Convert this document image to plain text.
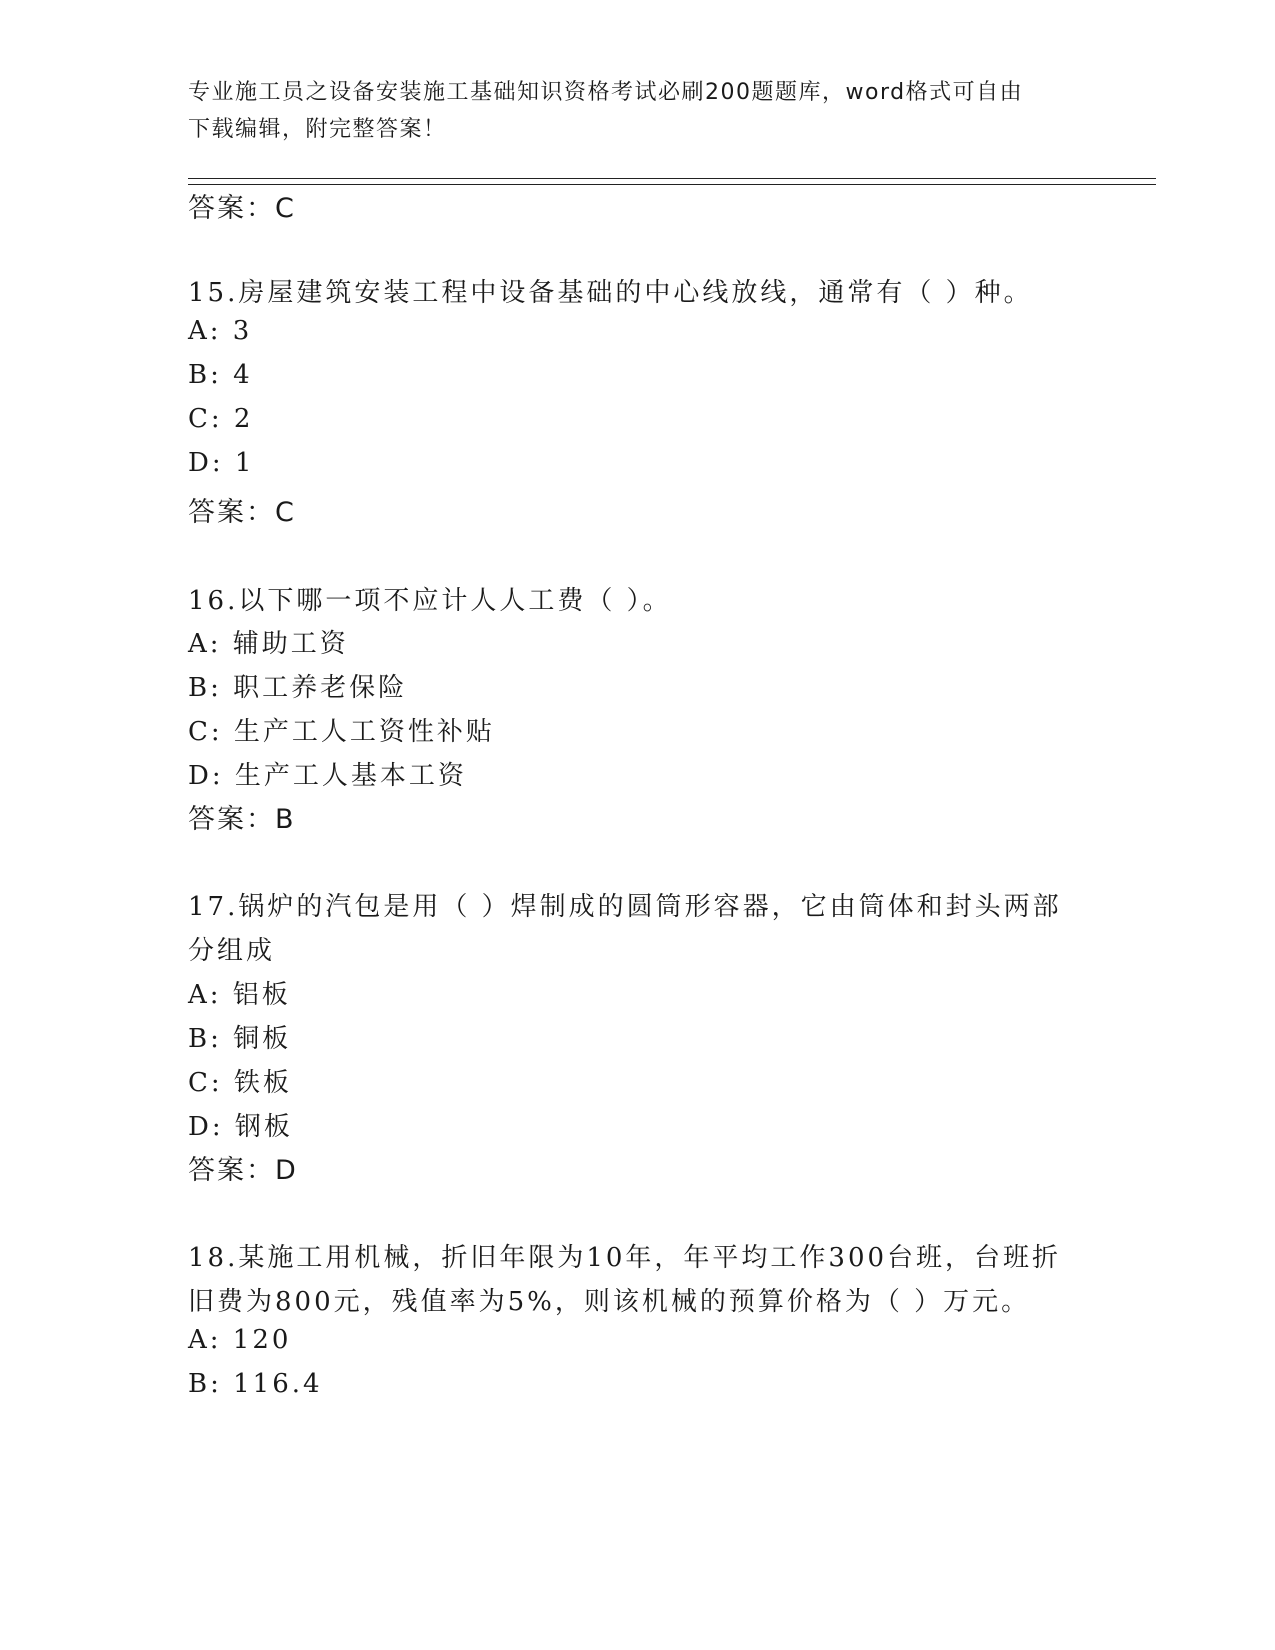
专业施工员之设备安装施工基础知识资格考试必刷200题题库，word格式可自由
下载编辑，附完整答案！
答案：C
15.房屋建筑安装工程中设备基础的中心线放线，通常有（ ）种。
A: 3
B: 4
C: 2
D: 1
答案：C
16.以下哪一项不应计人人工费（ ）。
A: 辅助工资
B: 职工养老保险
C: 生产工人工资性补贴
D: 生产工人基本工资
答案：B
17.锅炉的汽包是用（ ）焊制成的圆筒形容器，它由筒体和封头两部
分组成
A: 铝板
B: 铜板
C: 铁板
D: 钢板
答案：D
18.某施工用机械，折旧年限为10年，年平均工作300台班，台班折
旧费为800元，残值率为5%，则该机械的预算价格为（ ）万元。
A: 120
B: 116.4
